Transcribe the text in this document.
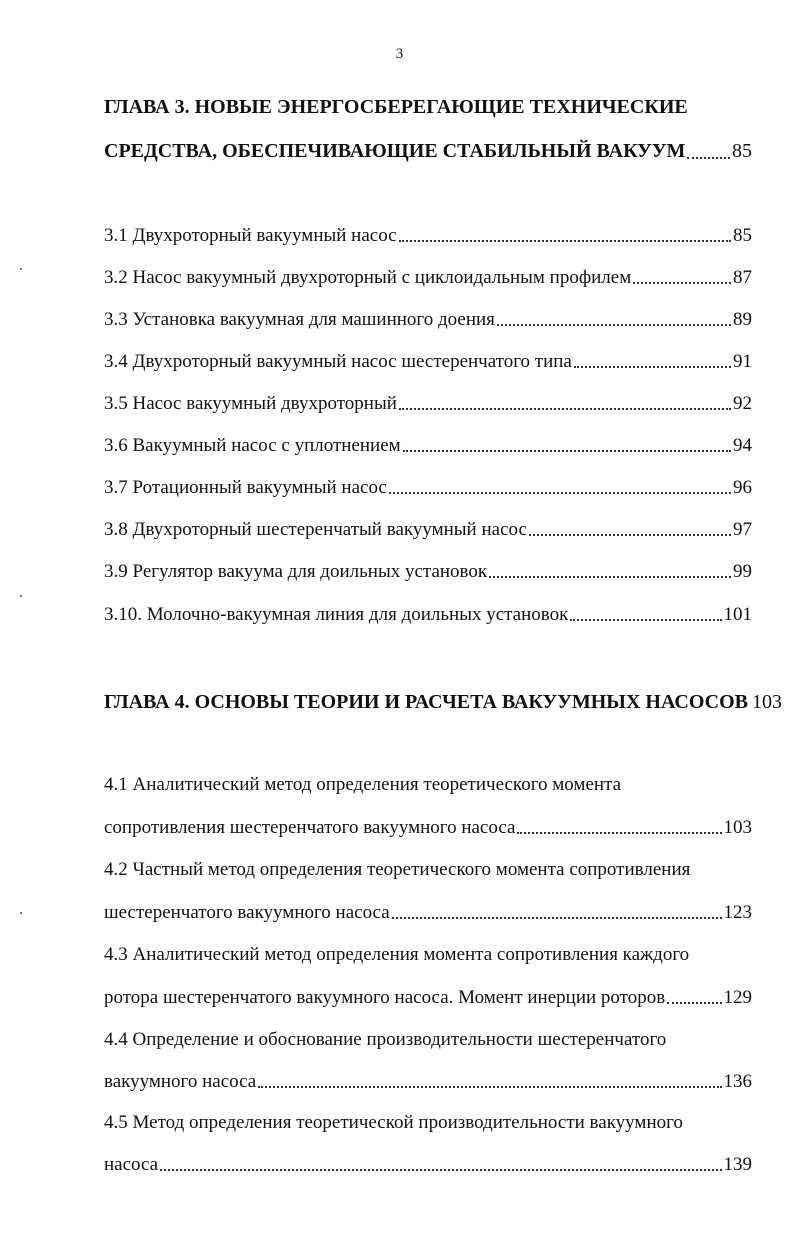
3
ГЛАВА 3. НОВЫЕ ЭНЕРГОСБЕРЕГАЮЩИЕ ТЕХНИЧЕСКИЕ
СРЕДСТВА, ОБЕСПЕЧИВАЮЩИЕ СТАБИЛЬНЫЙ ВАКУУМ 85
3.1 Двухроторный вакуумный насос	85
3.2 Насос вакуумный двухроторный с циклоидальным профилем	87
3.3 Установка вакуумная для машинного доения	89
3.4 Двухроторный вакуумный насос шестеренчатого типа	91
3.5 Насос вакуумный двухроторный	92
3.6 Вакуумный насос с уплотнением	94
3.7 Ротационный вакуумный насос	96
3.8 Двухроторный шестеренчатый вакуумный насос	97
3.9 Регулятор вакуума для доильных установок	99
3.10. Молочно-вакуумная линия для доильных установок	101
ГЛАВА 4. ОСНОВЫ ТЕОРИИ И РАСЧЕТА ВАКУУМНЫХ НАСОСОВ 103
4.1 Аналитический метод определения теоретического момента
сопротивления шестеренчатого вакуумного насоса	103
4.2 Частный метод определения теоретического момента сопротивления
шестеренчатого вакуумного насоса	123
4.3 Аналитический метод определения момента сопротивления каждого
ротора шестеренчатого вакуумного насоса. Момент инерции роторов	129
4.4 Определение и обоснование производительности шестеренчатого
вакуумного насоса	136
4.5 Метод определения теоретической производительности вакуумного
насоса	139
